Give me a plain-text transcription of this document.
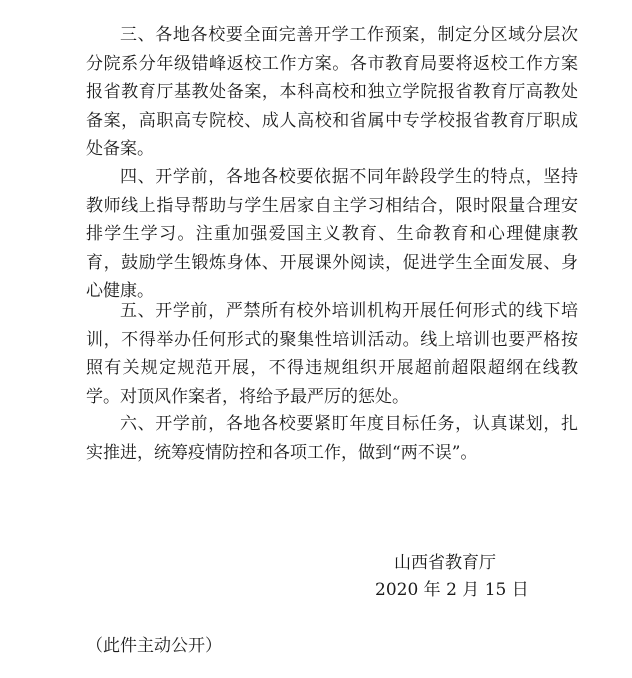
三、各地各校要全面完善开学工作预案，制定分区域分层次分院系分年级错峰返校工作方案。各市教育局要将返校工作方案报省教育厅基教处备案，本科高校和独立学院报省教育厅高教处备案，高职高专院校、成人高校和省属中专学校报省教育厅职成处备案。

四、开学前，各地各校要依据不同年龄段学生的特点，坚持教师线上指导帮助与学生居家自主学习相结合，限时限量合理安排学生学习。注重加强爱国主义教育、生命教育和心理健康教育，鼓励学生锻炼身体、开展课外阅读，促进学生全面发展、身心健康。

五、开学前，严禁所有校外培训机构开展任何形式的线下培训，不得举办任何形式的聚集性培训活动。线上培训也要严格按照有关规定规范开展，不得违规组织开展超前超限超纲在线教学。对顶风作案者，将给予最严厉的惩处。

六、开学前，各地各校要紧盯年度目标任务，认真谋划，扎实推进，统筹疫情防控和各项工作，做到“两不误”。

山西省教育厅

2020 年 2 月 15 日

（此件主动公开）
